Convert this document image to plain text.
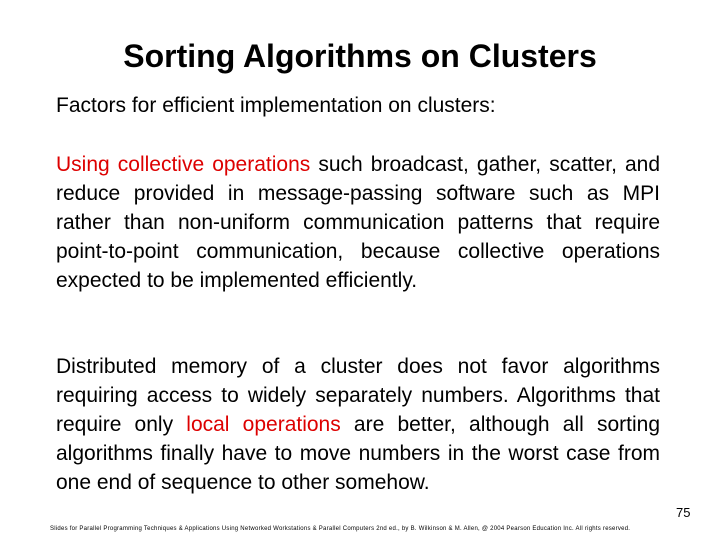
Sorting Algorithms on Clusters
Factors for efficient implementation on clusters:
Using collective operations such broadcast, gather, scatter, and reduce provided in message-passing software such as MPI rather than non-uniform communication patterns that require point-to-point communication, because collective operations expected to be implemented efficiently.
Distributed memory of a cluster does not favor algorithms requiring access to widely separately numbers. Algorithms that require only local operations are better, although all sorting algorithms finally have to move numbers in the worst case from one end of sequence to other somehow.
Slides for Parallel Programming Techniques & Applications Using Networked Workstations & Parallel Computers 2nd ed., by B. Wilkinson & M. Allen, @ 2004 Pearson Education Inc. All rights reserved.
75
